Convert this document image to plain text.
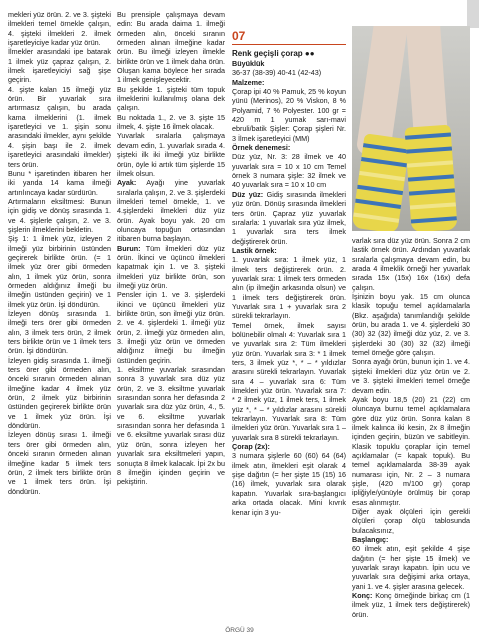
mekleri yüz örün. 2. ve 3. şişteki ilmekleri temel örnekle çalışın, 4. şişteki ilmekleri 2. ilmek işaretleyiciye kadar yüz örün.

İlmekler arasındaki ipe batarak 1 ilmek yüz çapraz çalışın, 2. ilmek işaretleyiciyi sağ şişe geçirin.

4. şişte kalan 15 ilmeği yüz örün. Bir yuvarlak sıra artırmasız çalışın, bu arada kama ilmeklerini (1. ilmek işaretleyici ve 1. şişin sonu arasındaki ilmekler, aynı şekilde 4. şişin başı ile 2. ilmek işaretleyici arasındaki ilmekler) ters örün.

Bunu * işaretinden itibaren her iki yanda 14 kama ilmeği artırılıncaya kadar sürdürün.

Artırmaların eksiltmesi: Bunun için gidiş ve dönüş sırasında 1. ve 4. şişlerle çalışın, 2. ve 3. şişlerin ilmeklerini bekletin.

Şiş 1: 1 ilmek yüz, izleyen 2 ilmeği yüz birbirinin üstünden geçirerek birlikte örün. (= 1 ilmek yüz örer gibi örmeden alın, 1 ilmek yüz örün, sonra örmeden aldığınız ilmeği bu ilmeğin üstünden geçirin) ve 1 ilmek yüz örün. İşi döndürün.

İzleyen dönüş sırasında 1. ilmeği ters örer gibi örmeden alın, 3 ilmek ters örün, 2 ilmek ters birlikte örün ve 1 ilmek ters örün. İşi döndürün.

İzleyen gidiş sırasında 1. ilmeği ters örer gibi örmeden alın, önceki sıranın örmeden alınan ilmeğine kadar 4 ilmek yüz örün, 2 ilmek yüz birbirinin üstünden geçirerek birlikte örün ve 1 ilmek yüz örün. İşi döndürün.

İzleyen dönüş sırası 1. ilmeği ters örer gibi örmeden alın, önceki sıranın örmeden alınan ilmeğine kadar 5 ilmek ters örün, 2 ilmek ters birlikte örün ve 1 ilmek ters örün. İşi döndürün.

Bu prensiple çalışmaya devam edin: Bu arada daima 1. ilmeği örmeden alın, önceki sıranın örmeden alınan ilmeğine kadar örün. Bu ilmeği izleyen ilmekle birlikte örün ve 1 ilmek daha örün. Oluşan kama böylece her sırada 1 ilmek genişleyecektir.

Bu şekilde 1. şişteki tüm topuk ilmeklerini kullanılmış olana dek çalışın.

Bu noktada 1., 2. ve 3. şişte 15 ilmek, 4. şişte 16 ilmek olacak.

Yuvarlak sıralarla çalışmaya devam edin, 1. yuvarlak sırada 4. şişteki ilk iki ilmeği yüz birlikte örün, öyle ki artık tüm şişlerde 15 ilmek olsun.

Ayak: Ayağı yine yuvarlak sıralarla çalışın, 2. ve 3. şişlerdeki ilmekleri temel örnekle, 1. ve 4.şişlerdeki ilmekleri düz yüz örün. Ayak boyu yak. 20 cm oluncaya topuğun ortasından itibaren burna başlayın.

Burun: Tüm ilmekleri düz yüz örün. İkinci ve üçüncü ilmekleri kapatmak için 1. ve 3. şişteki ilmekleri yüz birlikte örün, son ilmeği yüz örün.

Pensler için 1. ve 3. şişlerdeki ikinci ve üçüncü ilmekleri yüz birlikte örün, son ilmeği yüz örün. 2. ve 4. şişlerdeki 1. ilmeği yüz örün, 2. ilmeği yüz örmeden alın, 3. ilmeği yüz örün ve örmeden aldığınız ilmeği bu ilmeğin üstünden geçirin.

1. eksiltme yuvarlak sırasından sonra 3 yuvarlak sıra düz yüz örün, 2. ve 3. eksiltme yuvarlak sırasından sonra her defasında 2 yuvarlak sıra düz yüz örün, 4., 5. ve 6. eksiltme yuvarlak sırasından sonra her defasında 1 ve 6. eksiltme yuvarlak sırası düz yüz örün, sonra izleyen her yuvarlak sıra eksiltmeleri yapın, sonuçta 8 ilmek kalacak. İpi 2x bu 8 ilmeğin içinden geçirin ve pekiştirin.

07

Renk geçişli çorap ●●

Büyüklük

36-37 (38-39) 40-41 (42-43)

Malzeme:

Çorap ipi 40 % Pamuk, 25 % koyun yünü (Merinos), 20 % Viskon, 8 % Polyamid, 7 % Polyester. 100 gr = 420 m 1 yumak sarı-mavi ebruli/batik Şişler: Çorap şişleri Nr. 3 İlmek işaretleyici (MM)

Örnek denemesi:

Düz yüz, Nr. 3: 28 ilmek ve 40 yuvarlak sıra = 10 x 10 cm Temel örnek 3 numara şişle: 32 ilmek ve 40 yuvarlak sıra = 10 x 10 cm

Düz yüz: Gidiş sırasında ilmekleri yüz örün. Dönüş sırasında ilmekleri ters örün. Çapraz yüz yuvarlak sıralarla: 1 yuvarlak sıra yüz ilmek, 1 yuvarlak sıra ters ilmek değiştirerek örün.

Lastik örnek:

1. yuvarlak sıra: 1 ilmek yüz, 1 ilmek ters değiştirerek örün. 2. yuvarlak sıra: 1 ilmek ters örmeden alın (ip ilmeğin arkasında olsun) ve 1 ilmek ters değiştirerek örün. Yuvarlak sıra 1 + yuvarlak sıra 2 sürekli tekrarlayın.

Temel örnek, ilmek sayısı bölünebilir olmalı 4: Yuvarlak sıra 1 ve yuvarlak sıra 2: Tüm ilmekleri yüz örün. Yuvarlak sıra 3: * 1 ilmek ters, 3 ilmek yüz *, * – * yıldızlar arasını sürekli tekrarlayın. Yuvarlak sıra 4 – yuvarlak sıra 6: Tüm ilmekleri yüz örün. Yuvarlak sıra 7: * 2 ilmek yüz, 1 ilmek ters, 1 ilmek yüz *, * – * yıldızlar arasını sürekli tekrarlayın. Yuvarlak sıra 8: Tüm ilmekleri yüz örün. Yuvarlak sıra 1 – yuvarlak sıra 8 sürekli tekrarlayın.

Çorap (2x):

3 numara şişlerle 60 (60) 64 (64) ilmek atın, ilmekleri eşit olarak 4 şişe dağıtın (= her şişte 15 (15) 16 (16) ilmek, yuvarlak sıra olarak kapatın. Yuvarlak sıra-başlangıcı arka ortada olacak. Mini kıvrık kenar için 3 yu-

varlak sıra düz yüz örün. Sonra 2 cm lastik örnek örün. Ardından yuvarlak sıralarla çalışmaya devam edin, bu arada 4 ilmeklik örneği her yuvarlak sırada 15x (15x) 16x (16x) defa çalışın.

İşinizin boyu yak. 15 cm olunca klasik topuğu temel açıklamalarla (Bkz. aşağıda) tanımlandığı şekilde örün, bu arada 1. ve 4. şişlerdeki 30 (30) 32 (32) ilmeği düz yüz, 2. ve 3. şişlerdeki 30 (30) 32 (32) ilmeği temel örneğe göre çalışın.

Sonra ayağı örün, bunun için 1. ve 4. şişteki ilmekleri düz yüz örün ve 2. ve 3. şişteki ilmekleri temel örneğe devam edin.

Ayak boyu 18,5 (20) 21 (22) cm oluncaya burnu temel açıklamalara göre düz yüz örün. Sonra kalan 8 ilmek kalınca iki kesin, 2x 8 ilmeğin içinden geçirin, büzün ve sabitleyin. Klasik topuklu çoraplar için temel açıklamalar (= kapak topuk). Bu temel açıklamalarda 38-39 ayak numarası için, Nr. 2 – 3 numara şişle, (420 m/100 gr) çorap ipliğiyle/yünüyle örülmüş bir çorap esas alınmıştır.

Diğer ayak ölçüleri için gerekli ölçüleri çorap ölçü tablosunda bulacaksınız,

Başlangıç:

60 ilmek atın, eşit şekilde 4 şişe dağıtın (= her şişte 15 ilmek) ve yuvarlak sırayı kapatın. İpin ucu ve yuvarlak sıra değişimi arka ortaya, yani 1. ve 4. şişler arasına gelecek.

Konç: Konç örneğinde birkaç cm (1 ilmek yüz, 1 ilmek ters değiştirerek) örün.

ÖRGÜ 39
